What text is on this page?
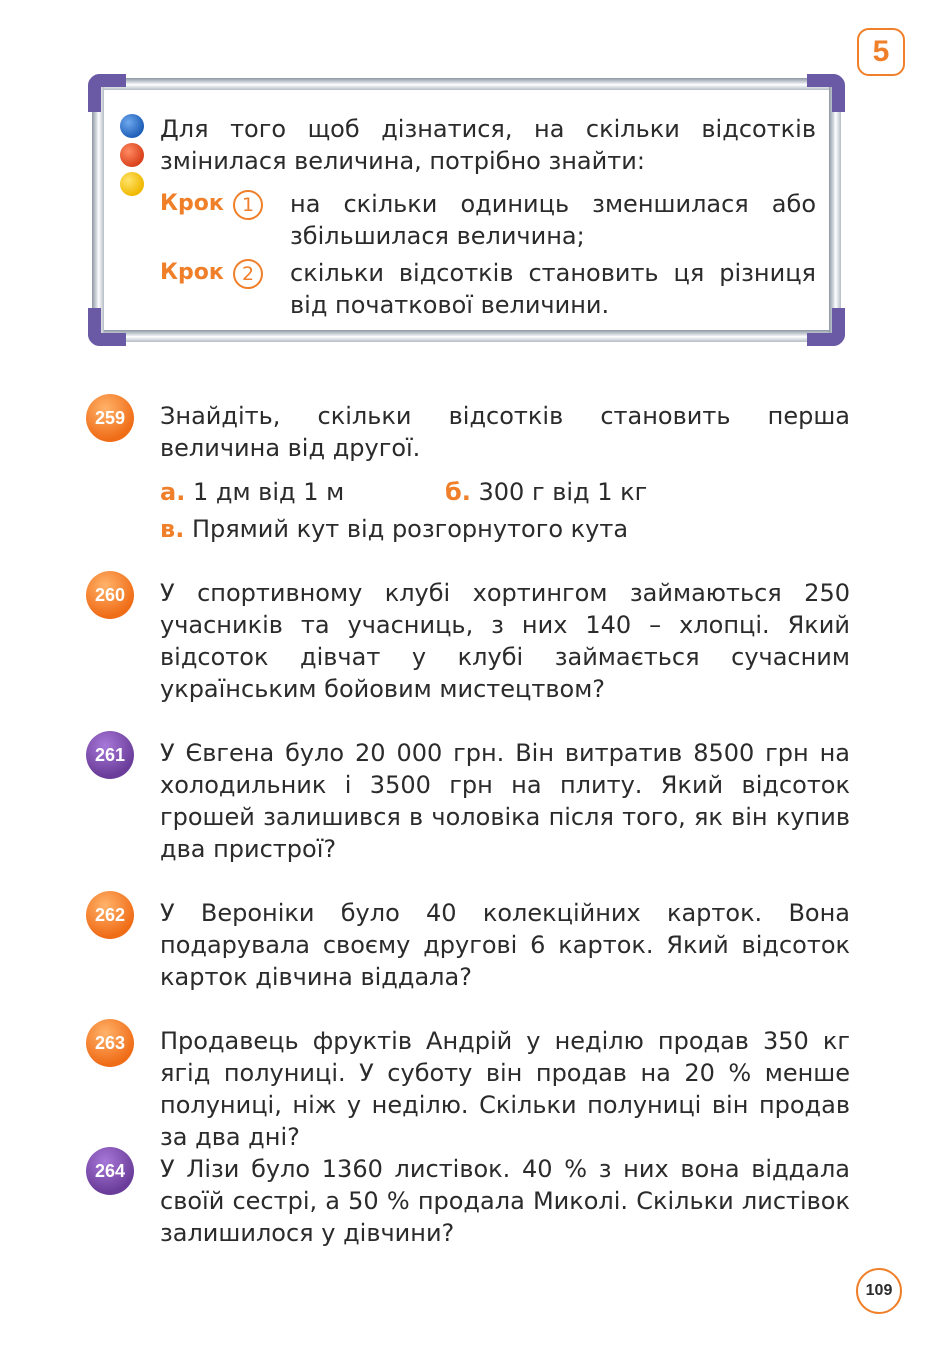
5
Для того щоб дізнатися, на скільки відсотків змінилася величина, потрібно знайти:
Крок 1	на скільки одиниць зменшилася або збільшилася величина;
Крок 2	скільки відсотків становить ця різниця від початкової величини.
259	Знайдіть, скільки відсотків становить перша величина від другої.
а. 1 дм від 1 м	б. 300 г від 1 кг
в. Прямий кут від розгорнутого кута
260	У спортивному клубі хортингом займаються 250 учасників та учасниць, з них 140 – хлопці. Який відсоток дівчат у клубі займається сучасним українським бойовим мистецтвом?
261	У Євгена було 20 000 грн. Він витратив 8500 грн на холодильник і 3500 грн на плиту. Який відсоток грошей залишився в чоловіка після того, як він купив два пристрої?
262	У Вероніки було 40 колекційних карток. Вона подарувала своєму другові 6 карток. Який відсоток карток дівчина віддала?
263	Продавець фруктів Андрій у неділю продав 350 кг ягід полуниці. У суботу він продав на 20 % менше полуниці, ніж у неділю. Скільки полуниці він продав за два дні?
264	У Лізи було 1360 листівок. 40 % з них вона віддала своїй сестрі, а 50 % продала Миколі. Скільки листівок залишилося у дівчини?
109
